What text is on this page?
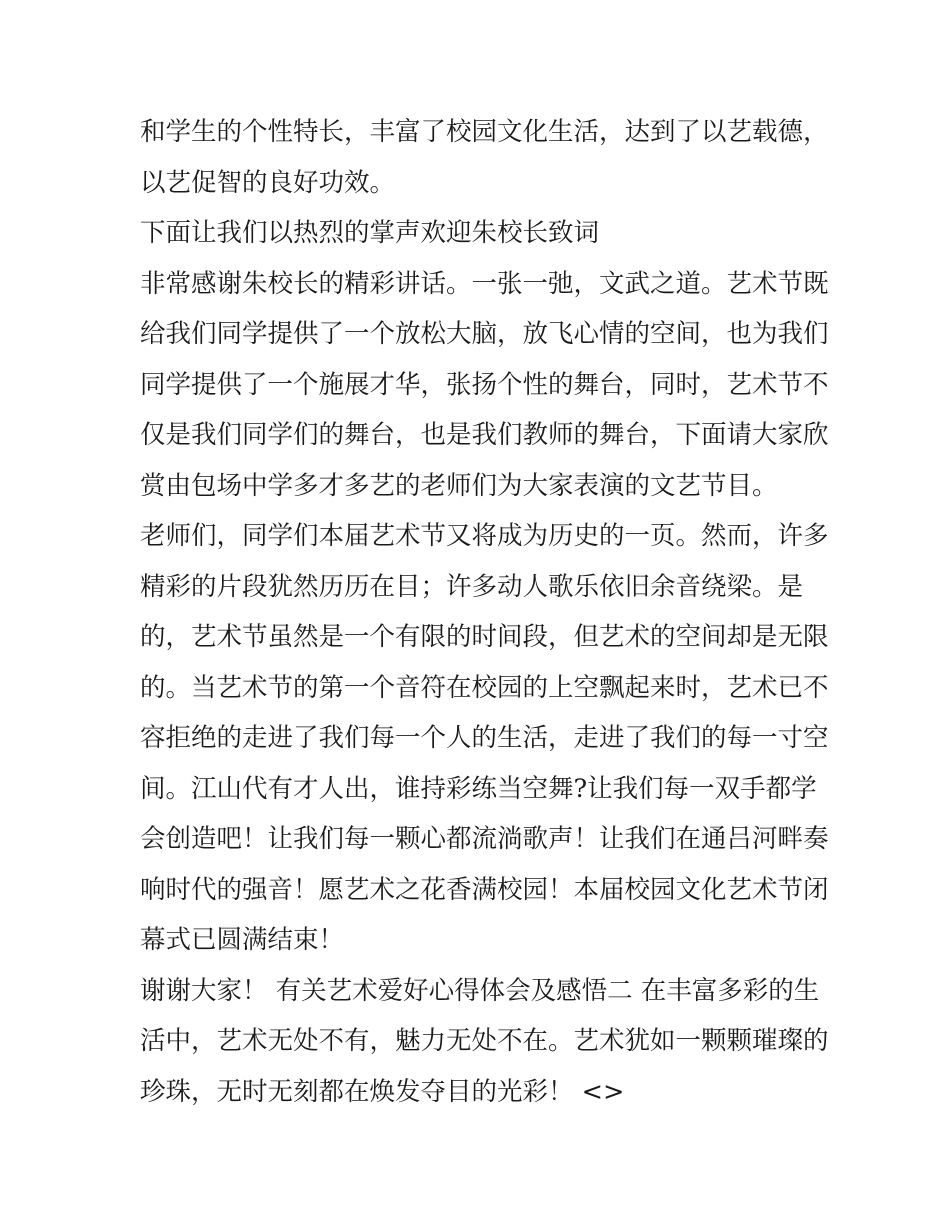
和学生的个性特长，丰富了校园文化生活，达到了以艺载德，
以艺促智的良好功效。
下面让我们以热烈的掌声欢迎朱校长致词
非常感谢朱校长的精彩讲话。一张一弛，文武之道。艺术节既
给我们同学提供了一个放松大脑，放飞心情的空间，也为我们
同学提供了一个施展才华，张扬个性的舞台，同时，艺术节不
仅是我们同学们的舞台，也是我们教师的舞台，下面请大家欣
赏由包场中学多才多艺的老师们为大家表演的文艺节目。
老师们，同学们本届艺术节又将成为历史的一页。然而，许多
精彩的片段犹然历历在目；许多动人歌乐依旧余音绕梁。是
的，艺术节虽然是一个有限的时间段，但艺术的空间却是无限
的。当艺术节的第一个音符在校园的上空飘起来时，艺术已不
容拒绝的走进了我们每一个人的生活，走进了我们的每一寸空
间。江山代有才人出，谁持彩练当空舞?让我们每一双手都学
会创造吧！让我们每一颗心都流淌歌声！让我们在通吕河畔奏
响时代的强音！愿艺术之花香满校园！本届校园文化艺术节闭
幕式已圆满结束！
谢谢大家！ 有关艺术爱好心得体会及感悟二 在丰富多彩的生
活中，艺术无处不有，魅力无处不在。艺术犹如一颗颗璀璨的
珍珠，无时无刻都在焕发夺目的光彩！ <>
